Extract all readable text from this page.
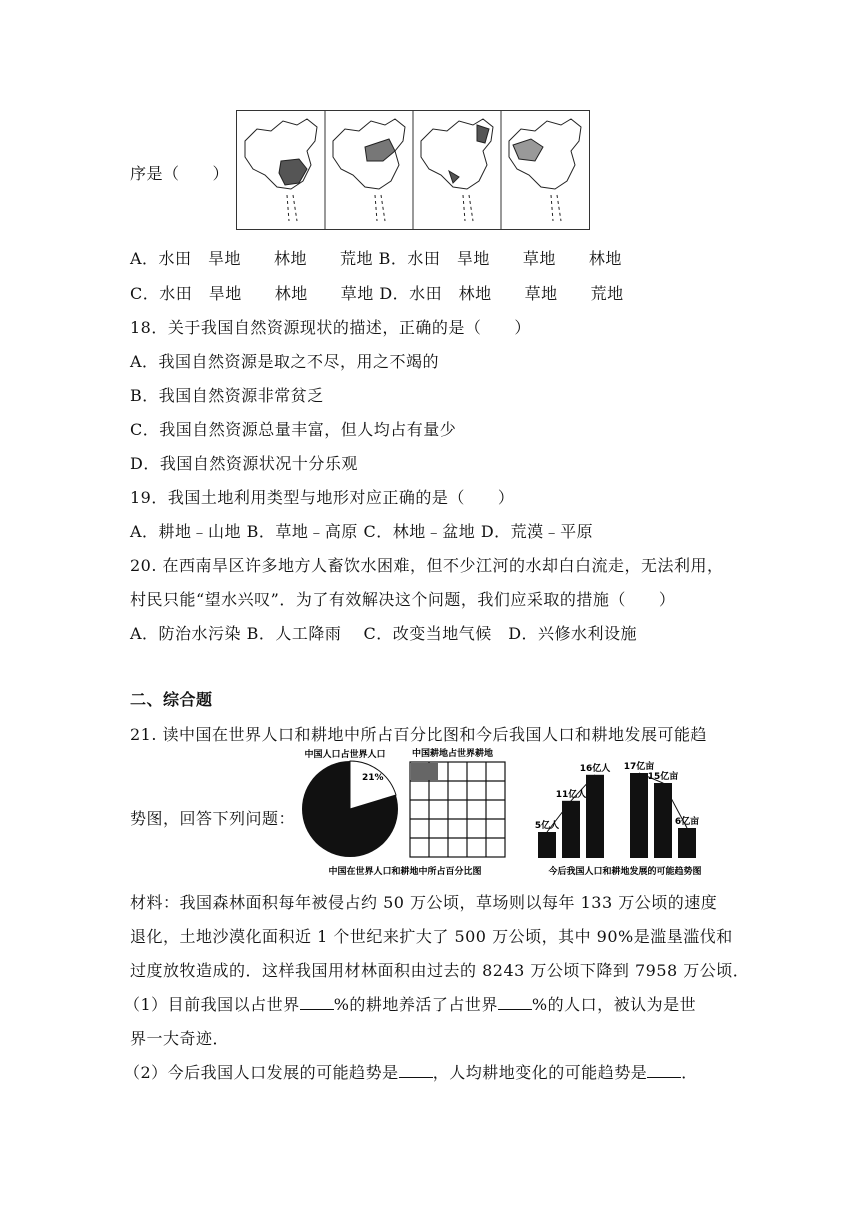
序是（　　）
A．水田　旱地　　林地　　荒地 B．水田　旱地　　草地　　林地
C．水田　旱地　　林地　　草地 D．水田　林地　　草地　　荒地
18．关于我国自然资源现状的描述，正确的是（　　）
A．我国自然资源是取之不尽，用之不竭的
B．我国自然资源非常贫乏
C．我国自然资源总量丰富，但人均占有量少
D．我国自然资源状况十分乐观
19．我国土地利用类型与地形对应正确的是（　　）
A．耕地﹣山地 B．草地﹣高原 C．林地﹣盆地 D．荒漠﹣平原
20. 在西南旱区许多地方人畜饮水困难，但不少江河的水却白白流走，无法利用，
村民只能“望水兴叹”．为了有效解决这个问题，我们应采取的措施（　　）
A．防治水污染 B．人工降雨　 C．改变当地气候　D．兴修水利设施
二、综合题
21. 读中国在世界人口和耕地中所占百分比图和今后我国人口和耕地发展可能趋
势图，回答下列问题：
中国人口占世界人口
21%
中国耕地占世界耕地
5亿人
11亿人
16亿人 17亿亩
15亿亩
6亿亩
中国在世界人口和耕地中所占百分比图	今后我国人口和耕地发展的可能趋势图
材料：我国森林面积每年被侵占约 50 万公顷，草场则以每年 133 万公顷的速度
退化，土地沙漠化面积近 1 个世纪来扩大了 500 万公顷，其中 90%是滥垦滥伐和
过度放牧造成的．这样我国用材林面积由过去的 8243 万公顷下降到 7958 万公顷．
（1）目前我国以占世界 %的耕地养活了占世界 %的人口，被认为是世
界一大奇迹．
（2）今后我国人口发展的可能趋势是 ，人均耕地变化的可能趋势是 ．
